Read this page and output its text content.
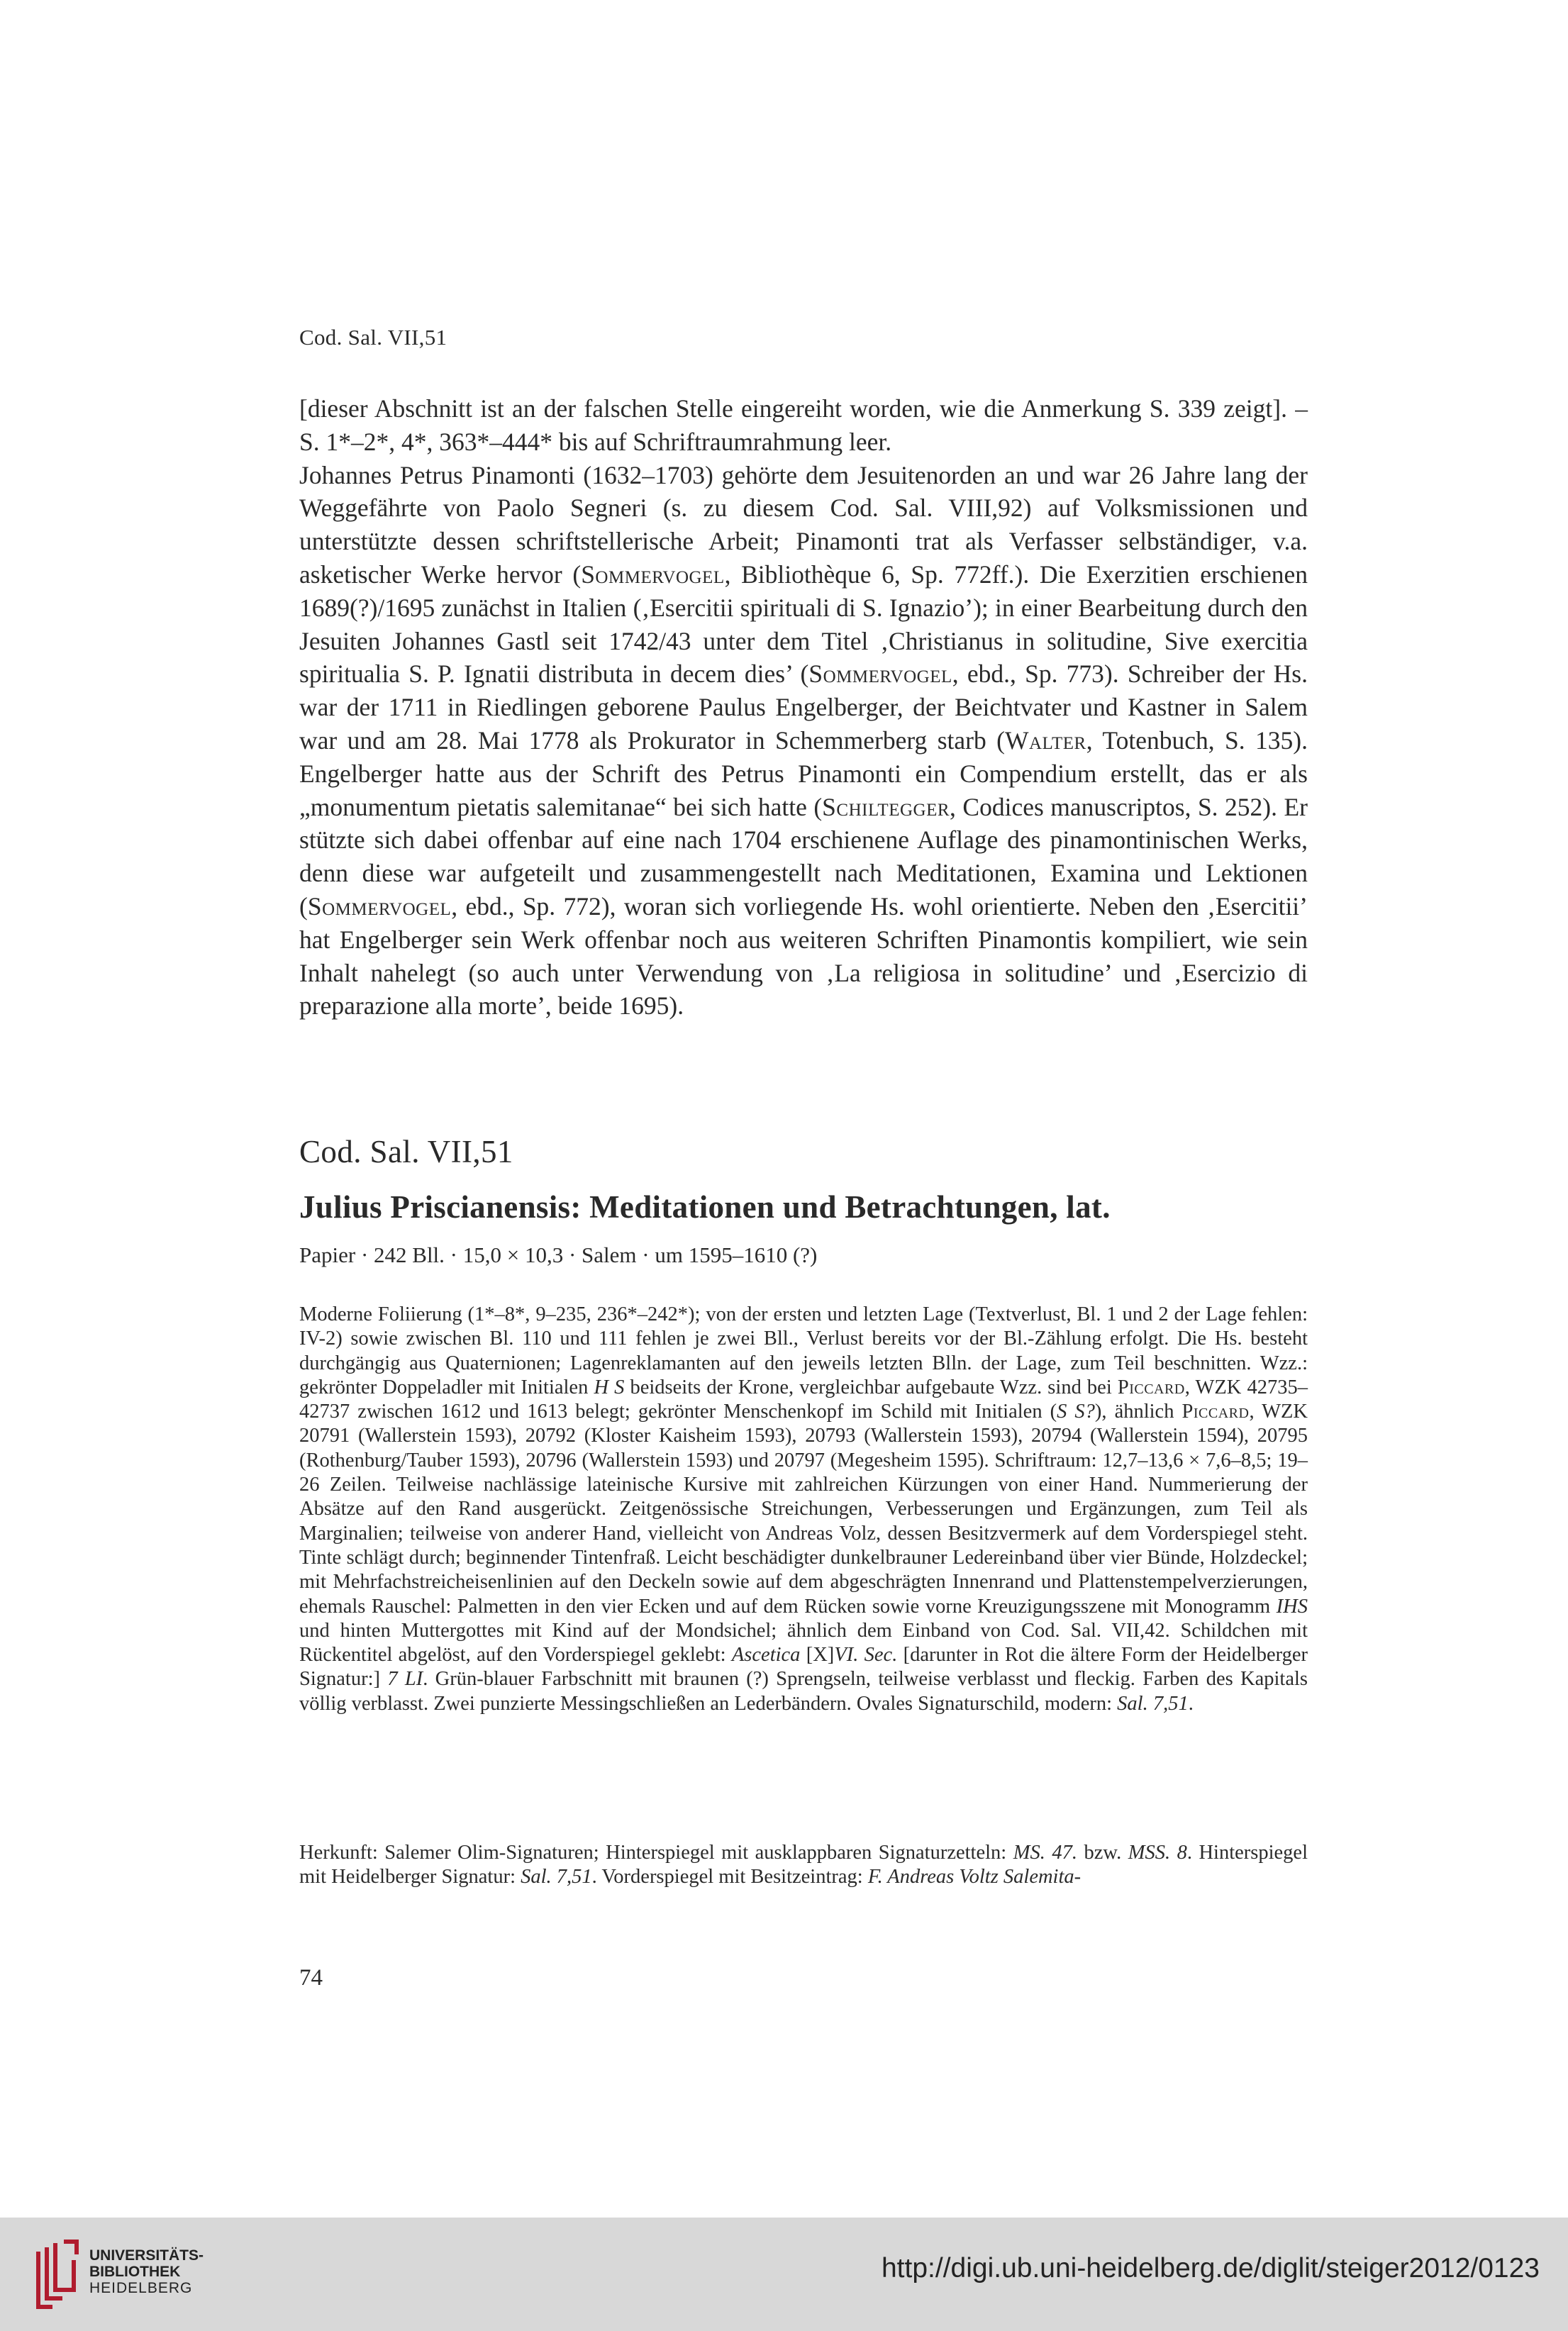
Cod. Sal. VII,51

[dieser Abschnitt ist an der falschen Stelle eingereiht worden, wie die Anmerkung S. 339 zeigt]. – S. 1*–2*, 4*, 363*–444* bis auf Schriftraumrahmung leer.

Johannes Petrus Pinamonti (1632–1703) gehörte dem Jesuitenorden an und war 26 Jahre lang der Weggefährte von Paolo Segneri (s. zu diesem Cod. Sal. VIII,92) auf Volksmissionen und unterstützte dessen schriftstellerische Arbeit; Pinamonti trat als Verfasser selbständiger, v.a. asketischer Werke hervor (Sommervogel, Bibliothèque 6, Sp. 772ff.). Die Exerzitien erschienen 1689(?)/1695 zunächst in Italien (‚Esercitii spirituali di S. Ignazio’); in einer Bearbeitung durch den Jesuiten Johannes Gastl seit 1742/43 unter dem Titel ‚Christianus in solitudine, Sive exercitia spiritualia S. P. Ignatii distributa in decem dies’ (Sommervogel, ebd., Sp. 773). Schreiber der Hs. war der 1711 in Riedlingen geborene Paulus Engelberger, der Beichtvater und Kastner in Salem war und am 28. Mai 1778 als Prokurator in Schemmerberg starb (Walter, Totenbuch, S. 135). Engelberger hatte aus der Schrift des Petrus Pinamonti ein Compendium erstellt, das er als „monumentum pietatis salemitanae“ bei sich hatte (Schiltegger, Codices manuscriptos, S. 252). Er stützte sich dabei offenbar auf eine nach 1704 erschienene Auflage des pinamontinischen Werks, denn diese war aufgeteilt und zusammengestellt nach Meditationen, Examina und Lektionen (Sommervogel, ebd., Sp. 772), woran sich vorliegende Hs. wohl orientierte. Neben den ‚Esercitii’ hat Engelberger sein Werk offenbar noch aus weiteren Schriften Pinamontis kompiliert, wie sein Inhalt nahelegt (so auch unter Verwendung von ‚La religiosa in solitudine’ und ‚Esercizio di preparazione alla morte’, beide 1695).

Cod. Sal. VII,51
Julius Priscianensis: Meditationen und Betrachtungen, lat.
Papier · 242 Bll. · 15,0 × 10,3 · Salem · um 1595–1610 (?)

Moderne Foliierung (1*–8*, 9–235, 236*–242*); von der ersten und letzten Lage (Textverlust, Bl. 1 und 2 der Lage fehlen: IV-2) sowie zwischen Bl. 110 und 111 fehlen je zwei Bll., Verlust bereits vor der Bl.-Zählung erfolgt. Die Hs. besteht durchgängig aus Quaternionen; Lagenreklamanten auf den jeweils letzten Blln. der Lage, zum Teil beschnitten. Wzz.: gekrönter Doppeladler mit Initialen H S beidseits der Krone, vergleichbar aufgebaute Wzz. sind bei Piccard, WZK 42735–42737 zwischen 1612 und 1613 belegt; gekrönter Menschenkopf im Schild mit Initialen (S S?), ähnlich Piccard, WZK 20791 (Wallerstein 1593), 20792 (Kloster Kaisheim 1593), 20793 (Wallerstein 1593), 20794 (Wallerstein 1594), 20795 (Rothenburg/Tauber 1593), 20796 (Wallerstein 1593) und 20797 (Megesheim 1595). Schriftraum: 12,7–13,6 × 7,6–8,5; 19–26 Zeilen. Teilweise nachlässige lateinische Kursive mit zahlreichen Kürzungen von einer Hand. Nummerierung der Absätze auf den Rand ausgerückt. Zeitgenössische Streichungen, Verbesserungen und Ergänzungen, zum Teil als Marginalien; teilweise von anderer Hand, vielleicht von Andreas Volz, dessen Besitzvermerk auf dem Vorderspiegel steht. Tinte schlägt durch; beginnender Tintenfraß. Leicht beschädigter dunkelbrauner Ledereinband über vier Bünde, Holzdeckel; mit Mehrfachstreicheisenlinien auf den Deckeln sowie auf dem abgeschrägten Innenrand und Plattenstempelverzierungen, ehemals Rauschel: Palmetten in den vier Ecken und auf dem Rücken sowie vorne Kreuzigungsszene mit Monogramm IHS und hinten Muttergottes mit Kind auf der Mondsichel; ähnlich dem Einband von Cod. Sal. VII,42. Schildchen mit Rückentitel abgelöst, auf den Vorderspiegel geklebt: Ascetica [X]VI. Sec. [darunter in Rot die ältere Form der Heidelberger Signatur:] 7 LI. Grün-blauer Farbschnitt mit braunen (?) Sprengseln, teilweise verblasst und fleckig. Farben des Kapitals völlig verblasst. Zwei punzierte Messingschließen an Lederbändern. Ovales Signaturschild, modern: Sal. 7,51.

Herkunft: Salemer Olim-Signaturen; Hinterspiegel mit ausklappbaren Signaturzetteln: MS. 47. bzw. MSS. 8. Hinterspiegel mit Heidelberger Signatur: Sal. 7,51. Vorderspiegel mit Besitzeintrag: F. Andreas Voltz Salemita-

74
UNIVERSITÄTS-
BIBLIOTHEK
HEIDELBERG
http://digi.ub.uni-heidelberg.de/diglit/steiger2012/0123
